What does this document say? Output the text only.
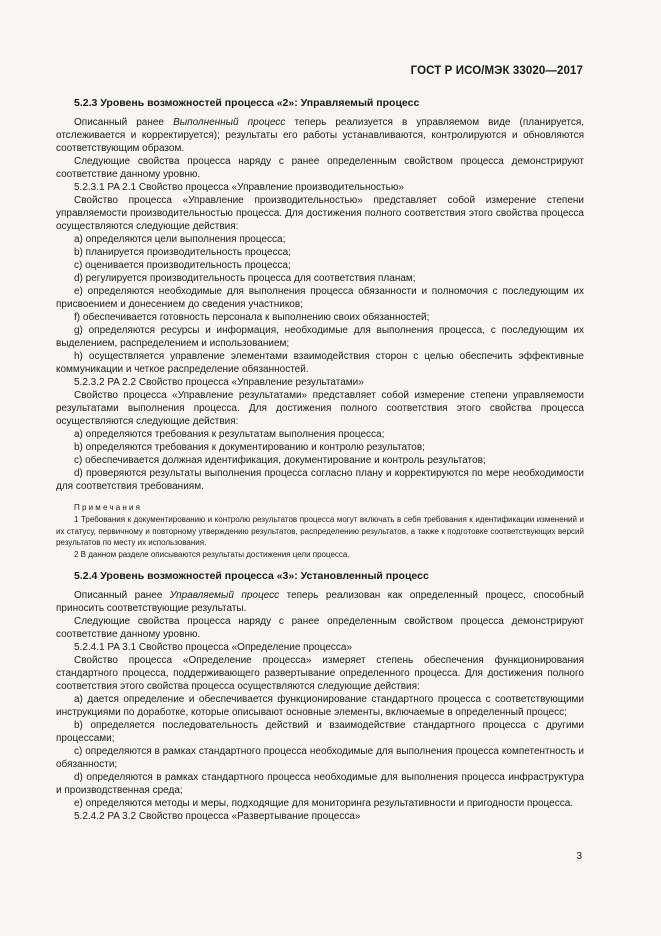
ГОСТ Р ИСО/МЭК 33020—2017

5.2.3 Уровень возможностей процесса «2»: Управляемый процесс

Описанный ранее Выполненный процесс теперь реализуется в управляемом виде (планируется, отслеживается и корректируется); результаты его работы устанавливаются, контролируются и обновляются соответствующим образом.

Следующие свойства процесса наряду с ранее определенным свойством процесса демонстрируют соответствие данному уровню.

5.2.3.1 PA 2.1 Свойство процесса «Управление производительностью»

Свойство процесса «Управление производительностью» представляет собой измерение степени управляемости производительностью процесса. Для достижения полного соответствия этого свойства процесса осуществляются следующие действия:

a) определяются цели выполнения процесса;

b) планируется производительность процесса;

c) оценивается производительность процесса;

d) регулируется производительность процесса для соответствия планам;

e) определяются необходимые для выполнения процесса обязанности и полномочия с последующим их присвоением и донесением до сведения участников;

f) обеспечивается готовность персонала к выполнению своих обязанностей;

g) определяются ресурсы и информация, необходимые для выполнения процесса, с последующим их выделением, распределением и использованием;

h) осуществляется управление элементами взаимодействия сторон с целью обеспечить эффективные коммуникации и четкое распределение обязанностей.

5.2.3.2 PA 2.2 Свойство процесса «Управление результатами»

Свойство процесса «Управление результатами» представляет собой измерение степени управляемости результатами выполнения процесса. Для достижения полного соответствия этого свойства процесса осуществляются следующие действия:

a) определяются требования к результатам выполнения процесса;

b) определяются требования к документированию и контролю результатов;

c) обеспечивается должная идентификация, документирование и контроль результатов;

d) проверяются результаты выполнения процесса согласно плану и корректируются по мере необходимости для соответствия требованиям.

Примечания

1 Требования к документированию и контролю результатов процесса могут включать в себя требования к идентификации изменений и их статусу, первичному и повторному утверждению результатов, распределению результатов, а также к подготовке соответствующих версий результатов по месту их использования.

2 В данном разделе описываются результаты достижения цели процесса.

5.2.4 Уровень возможностей процесса «3»: Установленный процесс

Описанный ранее Управляемый процесс теперь реализован как определенный процесс, способный приносить соответствующие результаты.

Следующие свойства процесса наряду с ранее определенным свойством процесса демонстрируют соответствие данному уровню.

5.2.4.1 PA 3.1 Свойство процесса «Определение процесса»

Свойство процесса «Определение процесса» измеряет степень обеспечения функционирования стандартного процесса, поддерживающего развертывание определенного процесса. Для достижения полного соответствия этого свойства процесса осуществляются следующие действия:

a) дается определение и обеспечивается функционирование стандартного процесса с соответствующими инструкциями по доработке, которые описывают основные элементы, включаемые в определенный процесс;

b) определяется последовательность действий и взаимодействие стандартного процесса с другими процессами;

c) определяются в рамках стандартного процесса необходимые для выполнения процесса компетентность и обязанности;

d) определяются в рамках стандартного процесса необходимые для выполнения процесса инфраструктура и производственная среда;

e) определяются методы и меры, подходящие для мониторинга результативности и пригодности процесса.

5.2.4.2 PA 3.2 Свойство процесса «Развертывание процесса»

3
